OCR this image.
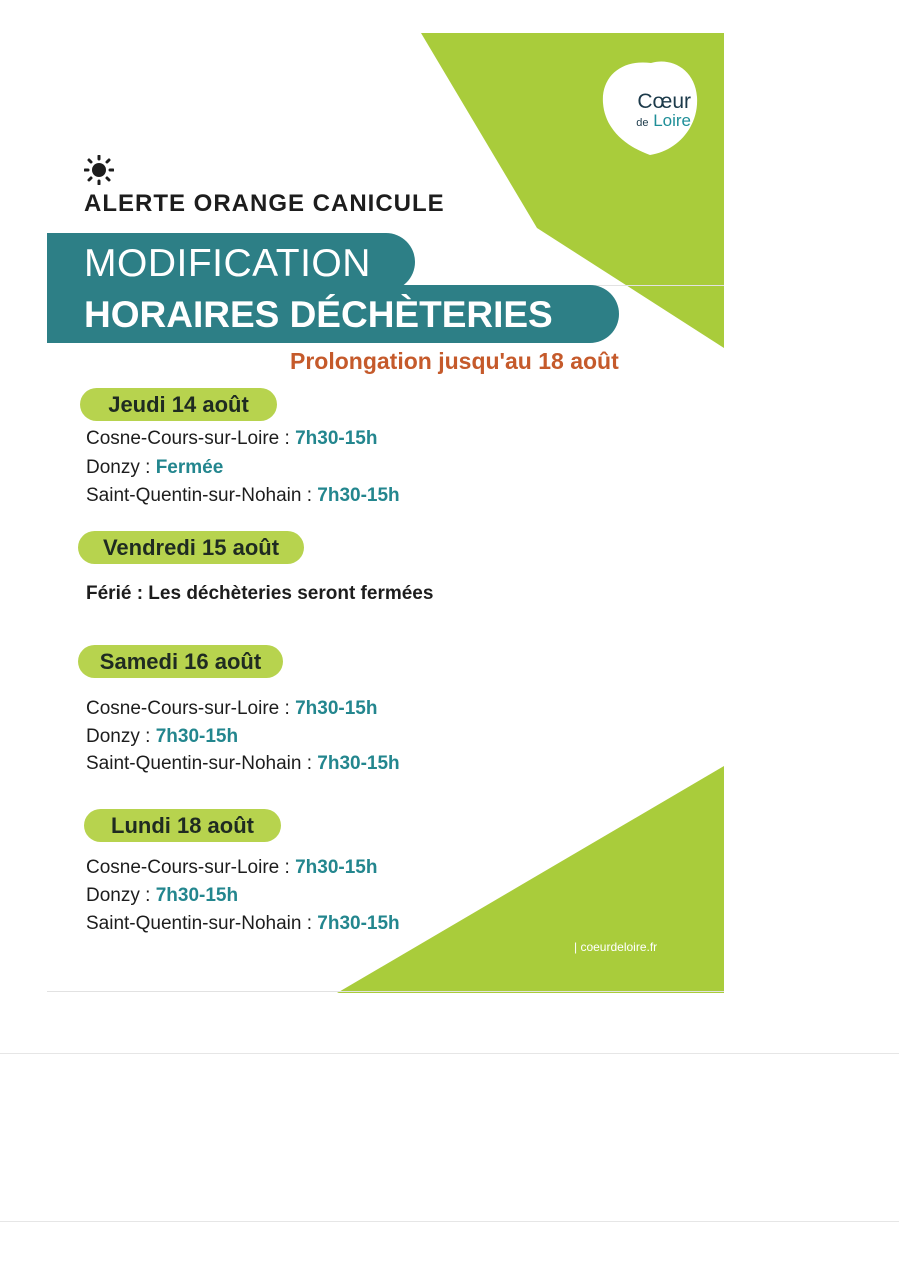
Cœur
de Loire
ALERTE ORANGE CANICULE
MODIFICATION
HORAIRES DÉCHÈTERIES
Prolongation jusqu'au 18 août
Jeudi 14 août
Cosne-Cours-sur-Loire : 7h30-15h
Donzy : Fermée
Saint-Quentin-sur-Nohain : 7h30-15h
Vendredi 15 août
Férié : Les déchèteries seront fermées
Samedi 16 août
Cosne-Cours-sur-Loire : 7h30-15h
Donzy : 7h30-15h
Saint-Quentin-sur-Nohain : 7h30-15h
Lundi 18 août
Cosne-Cours-sur-Loire : 7h30-15h
Donzy : 7h30-15h
Saint-Quentin-sur-Nohain : 7h30-15h
| coeurdeloire.fr
